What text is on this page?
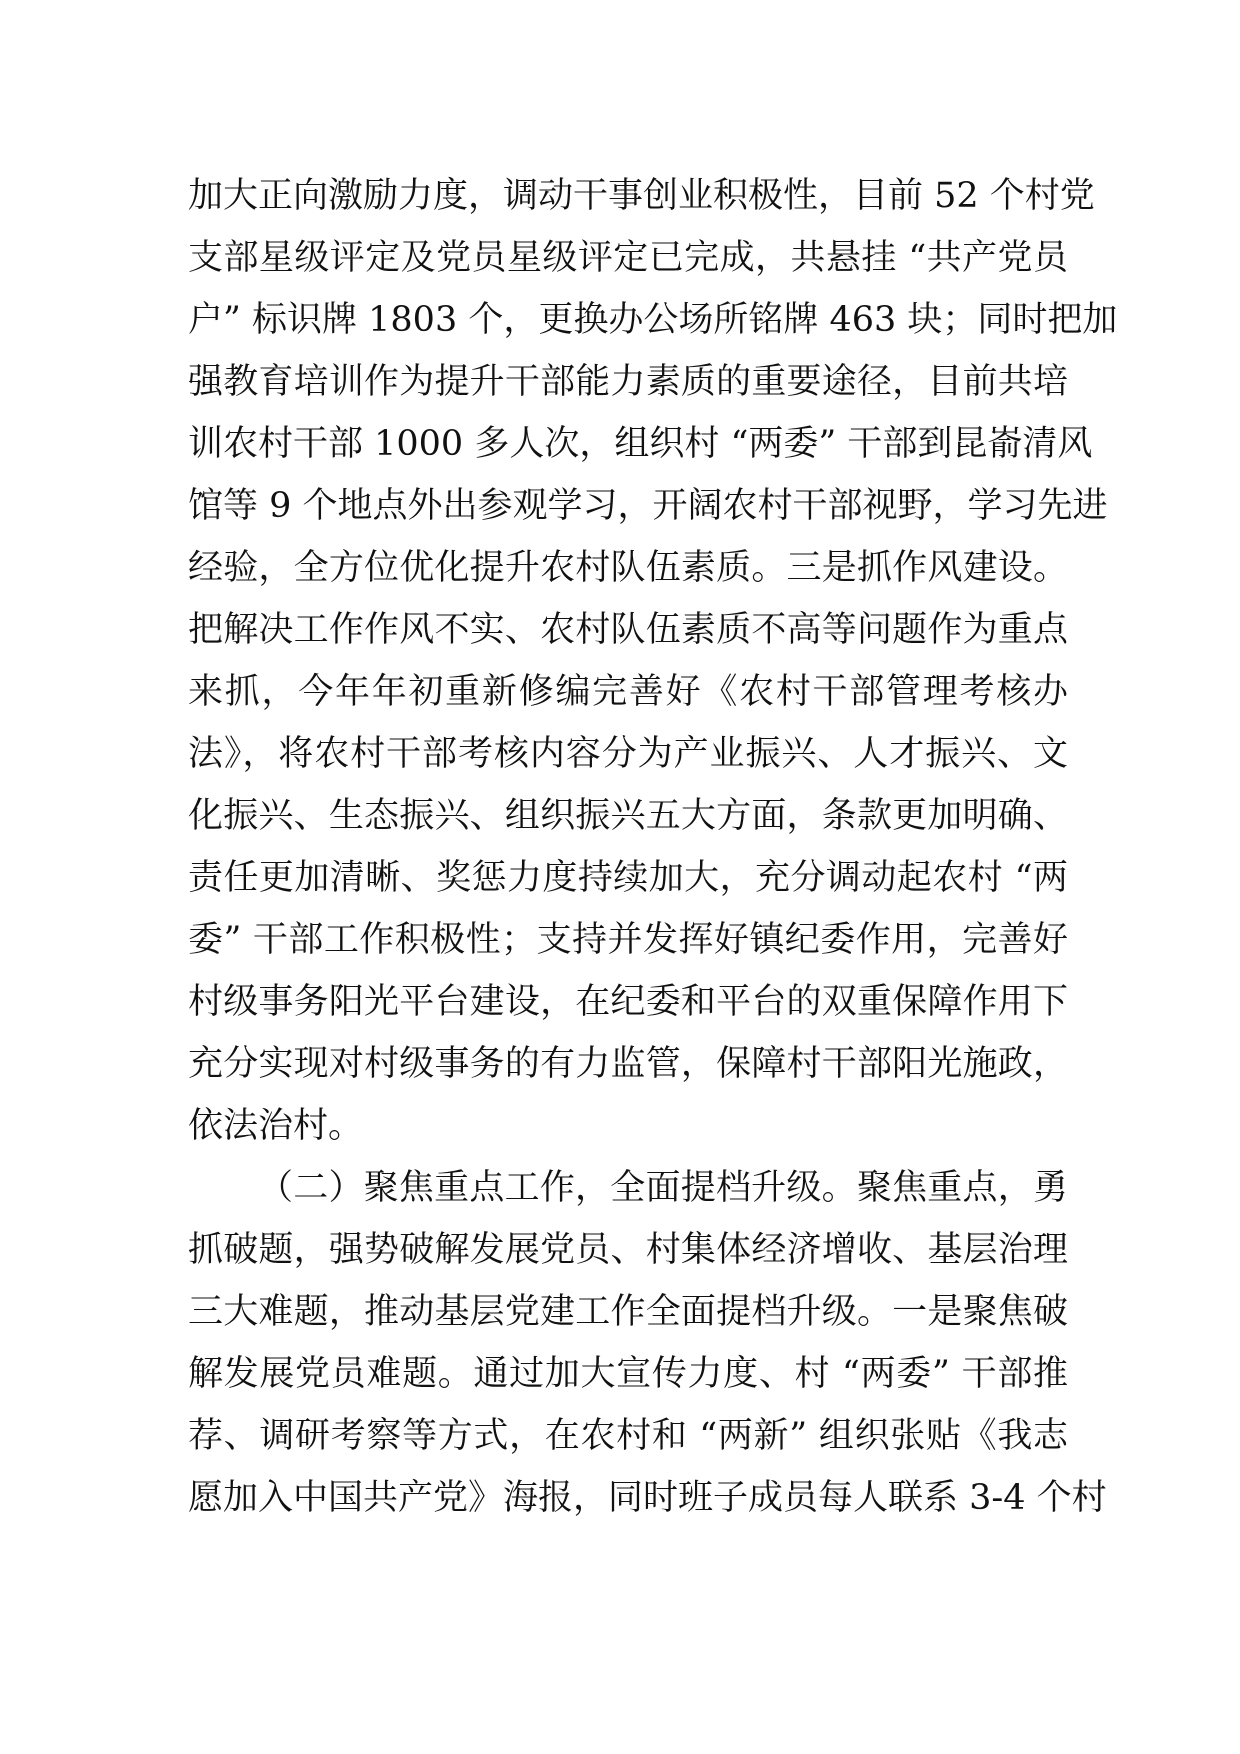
加大正向激励力度，调动干事创业积极性，目前 52 个村党
支部星级评定及党员星级评定已完成，共悬挂 “共产党员
户” 标识牌 1803 个，更换办公场所铭牌 463 块；同时把加
强教育培训作为提升干部能力素质的重要途径，目前共培
训农村干部 1000 多人次，组织村 “两委” 干部到昆嵛清风
馆等 9 个地点外出参观学习，开阔农村干部视野，学习先进
经验，全方位优化提升农村队伍素质。三是抓作风建设。
把解决工作作风不实、农村队伍素质不高等问题作为重点
来抓，今年年初重新修编完善好《农村干部管理考核办
法》，将农村干部考核内容分为产业振兴、人才振兴、文
化振兴、生态振兴、组织振兴五大方面，条款更加明确、
责任更加清晰、奖惩力度持续加大，充分调动起农村 “两
委” 干部工作积极性；支持并发挥好镇纪委作用，完善好
村级事务阳光平台建设，在纪委和平台的双重保障作用下
充分实现对村级事务的有力监管，保障村干部阳光施政，
依法治村。
（二）聚焦重点工作，全面提档升级。聚焦重点，勇
抓破题，强势破解发展党员、村集体经济增收、基层治理
三大难题，推动基层党建工作全面提档升级。一是聚焦破
解发展党员难题。通过加大宣传力度、村 “两委” 干部推
荐、调研考察等方式，在农村和 “两新” 组织张贴《我志
愿加入中国共产党》海报，同时班子成员每人联系 3-4 个村
